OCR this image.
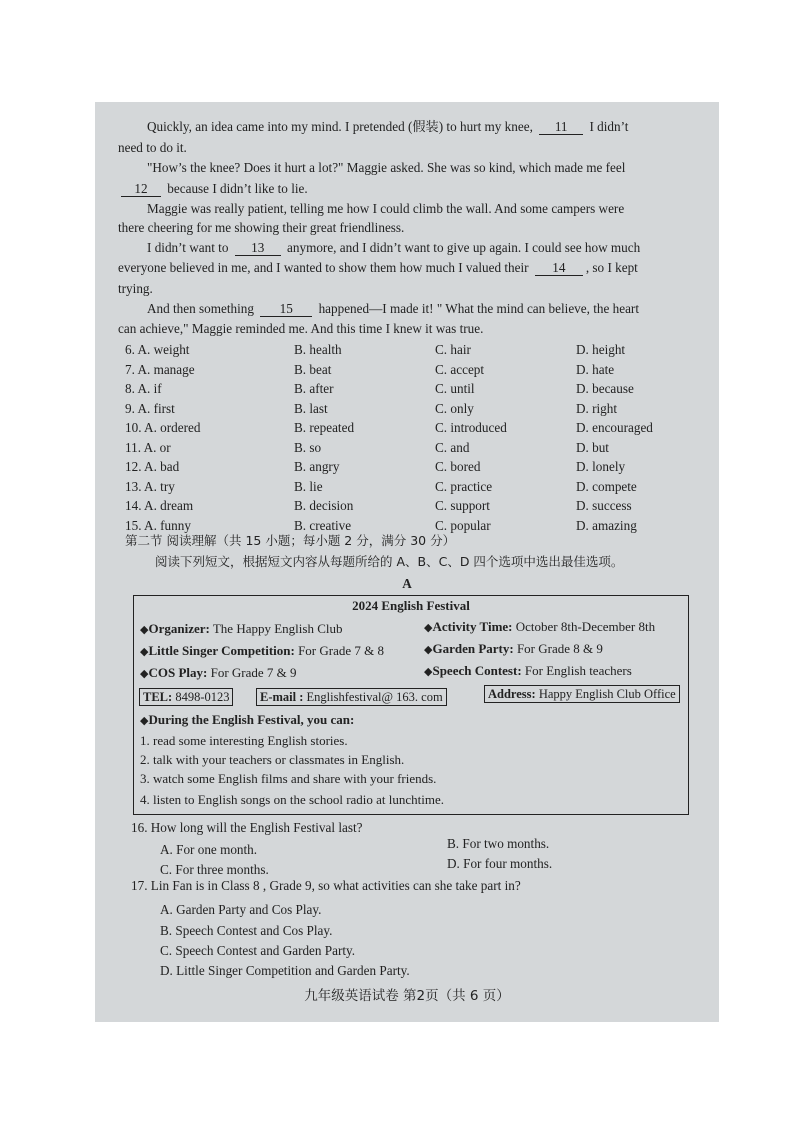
Quickly, an idea came into my mind. I pretended (假装) to hurt my knee, 11 I didn’t
need to do it.
"How’s the knee? Does it hurt a lot?" Maggie asked. She was so kind, which made me feel
12 because I didn’t like to lie.
Maggie was really patient, telling me how I could climb the wall. And some campers were
there cheering for me showing their great friendliness.
I didn’t want to 13 anymore, and I didn’t want to give up again. I could see how much
everyone believed in me, and I wanted to show them how much I valued their 14 , so I kept
trying.
And then something 15 happened—I made it! " What the mind can believe, the heart
can achieve," Maggie reminded me. And this time I knew it was true.
6. A. weight	B. health	C. hair	D. height
7. A. manage	B. beat	C. accept	D. hate
8. A. if	B. after	C. until	D. because
9. A. first	B. last	C. only	D. right
10. A. ordered	B. repeated	C. introduced	D. encouraged
11. A. or	B. so	C. and	D. but
12. A. bad	B. angry	C. bored	D. lonely
13. A. try	B. lie	C. practice	D. compete
14. A. dream	B. decision	C. support	D. success
15. A. funny	B. creative	C. popular	D. amazing
第二节 阅读理解（共 15 小题；每小题 2 分，满分 30 分）
阅读下列短文，根据短文内容从每题所给的 A、B、C、D 四个选项中选出最佳选项。
A
2024 English Festival
◆Organizer: The Happy English Club	◆Activity Time: October 8th-December 8th
◆Little Singer Competition: For Grade 7 & 8	◆Garden Party: For Grade 8 & 9
◆COS Play: For Grade 7 & 9	◆Speech Contest: For English teachers
TEL: 8498-0123	E-mail : Englishfestival@ 163. com	Address: Happy English Club Office
◆During the English Festival, you can:
1. read some interesting English stories.
2. talk with your teachers or classmates in English.
3. watch some English films and share with your friends.
4. listen to English songs on the school radio at lunchtime.
16. How long will the English Festival last?
A. For one month.	B. For two months.
C. For three months.	D. For four months.
17. Lin Fan is in Class 8 , Grade 9, so what activities can she take part in?
A. Garden Party and Cos Play.
B. Speech Contest and Cos Play.
C. Speech Contest and Garden Party.
D. Little Singer Competition and Garden Party.
九年级英语试卷 第2页（共 6 页）
